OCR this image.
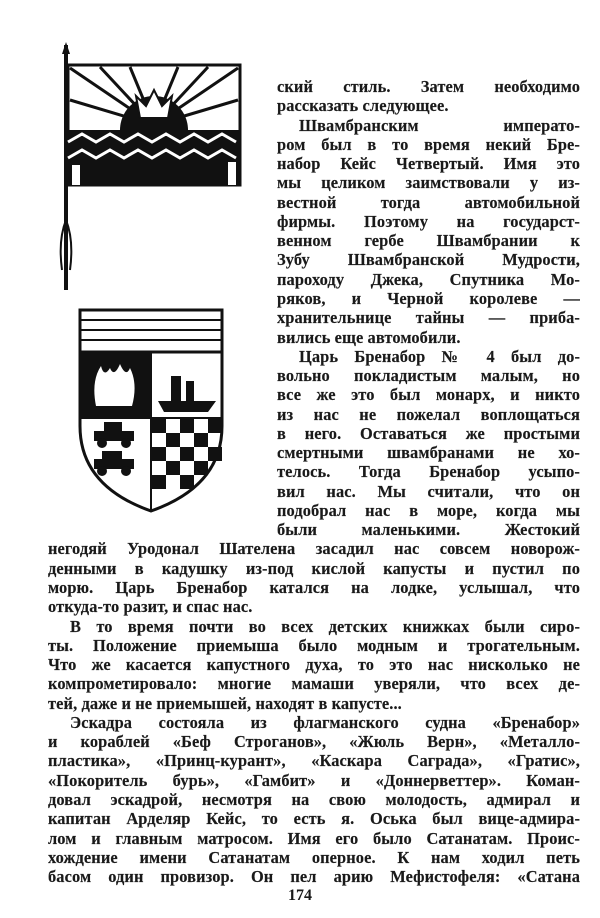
ский стиль. Затем необходимо
рассказать следующее.
Швамбранским императо-
ром был в то время некий Бре-
набор Кейс Четвертый. Имя это
мы целиком заимствовали у из-
вестной тогда автомобильной
фирмы. Поэтому на государст-
венном гербе Швамбрании к
Зубу Швамбранской Мудрости,
пароходу Джека, Спутника Мо-
ряков, и Черной королеве —
хранительнице тайны — приба-
вились еще автомобили.
Царь Бренабор № 4 был до-
вольно покладистым малым, но
все же это был монарх, и никто
из нас не пожелал воплощаться
в него. Оставаться же простыми
смертными швамбранами не хо-
телось. Тогда Бренабор усыпо-
вил нас. Мы считали, что он
подобрал нас в море, когда мы
были маленькими. Жестокий
негодяй Уродонал Шателена засадил нас совсем новорож-
денными в кадушку из-под кислой капусты и пустил по
морю. Царь Бренабор катался на лодке, услышал, что
откуда-то разит, и спас нас.
В то время почти во всех детских книжках были сиро-
ты. Положение приемыша было модным и трогательным.
Что же касается капустного духа, то это нас нисколько не
компрометировало: многие мамаши уверяли, что всех де-
тей, даже и не приемышей, находят в капусте...
Эскадра состояла из флагманского судна «Бренабор»
и кораблей «Беф Строганов», «Жюль Верн», «Металло-
пластика», «Принц-курант», «Каскара Саграда», «Гратис»,
«Покоритель бурь», «Гамбит» и «Доннерветтер». Коман-
довал эскадрой, несмотря на свою молодость, адмирал и
капитан Арделяр Кейс, то есть я. Оська был вице-адмира-
лом и главным матросом. Имя его было Сатанатам. Проис-
хождение имени Сатанатам оперное. К нам ходил петь
басом один провизор. Он пел арию Мефистофеля: «Сатана
174
